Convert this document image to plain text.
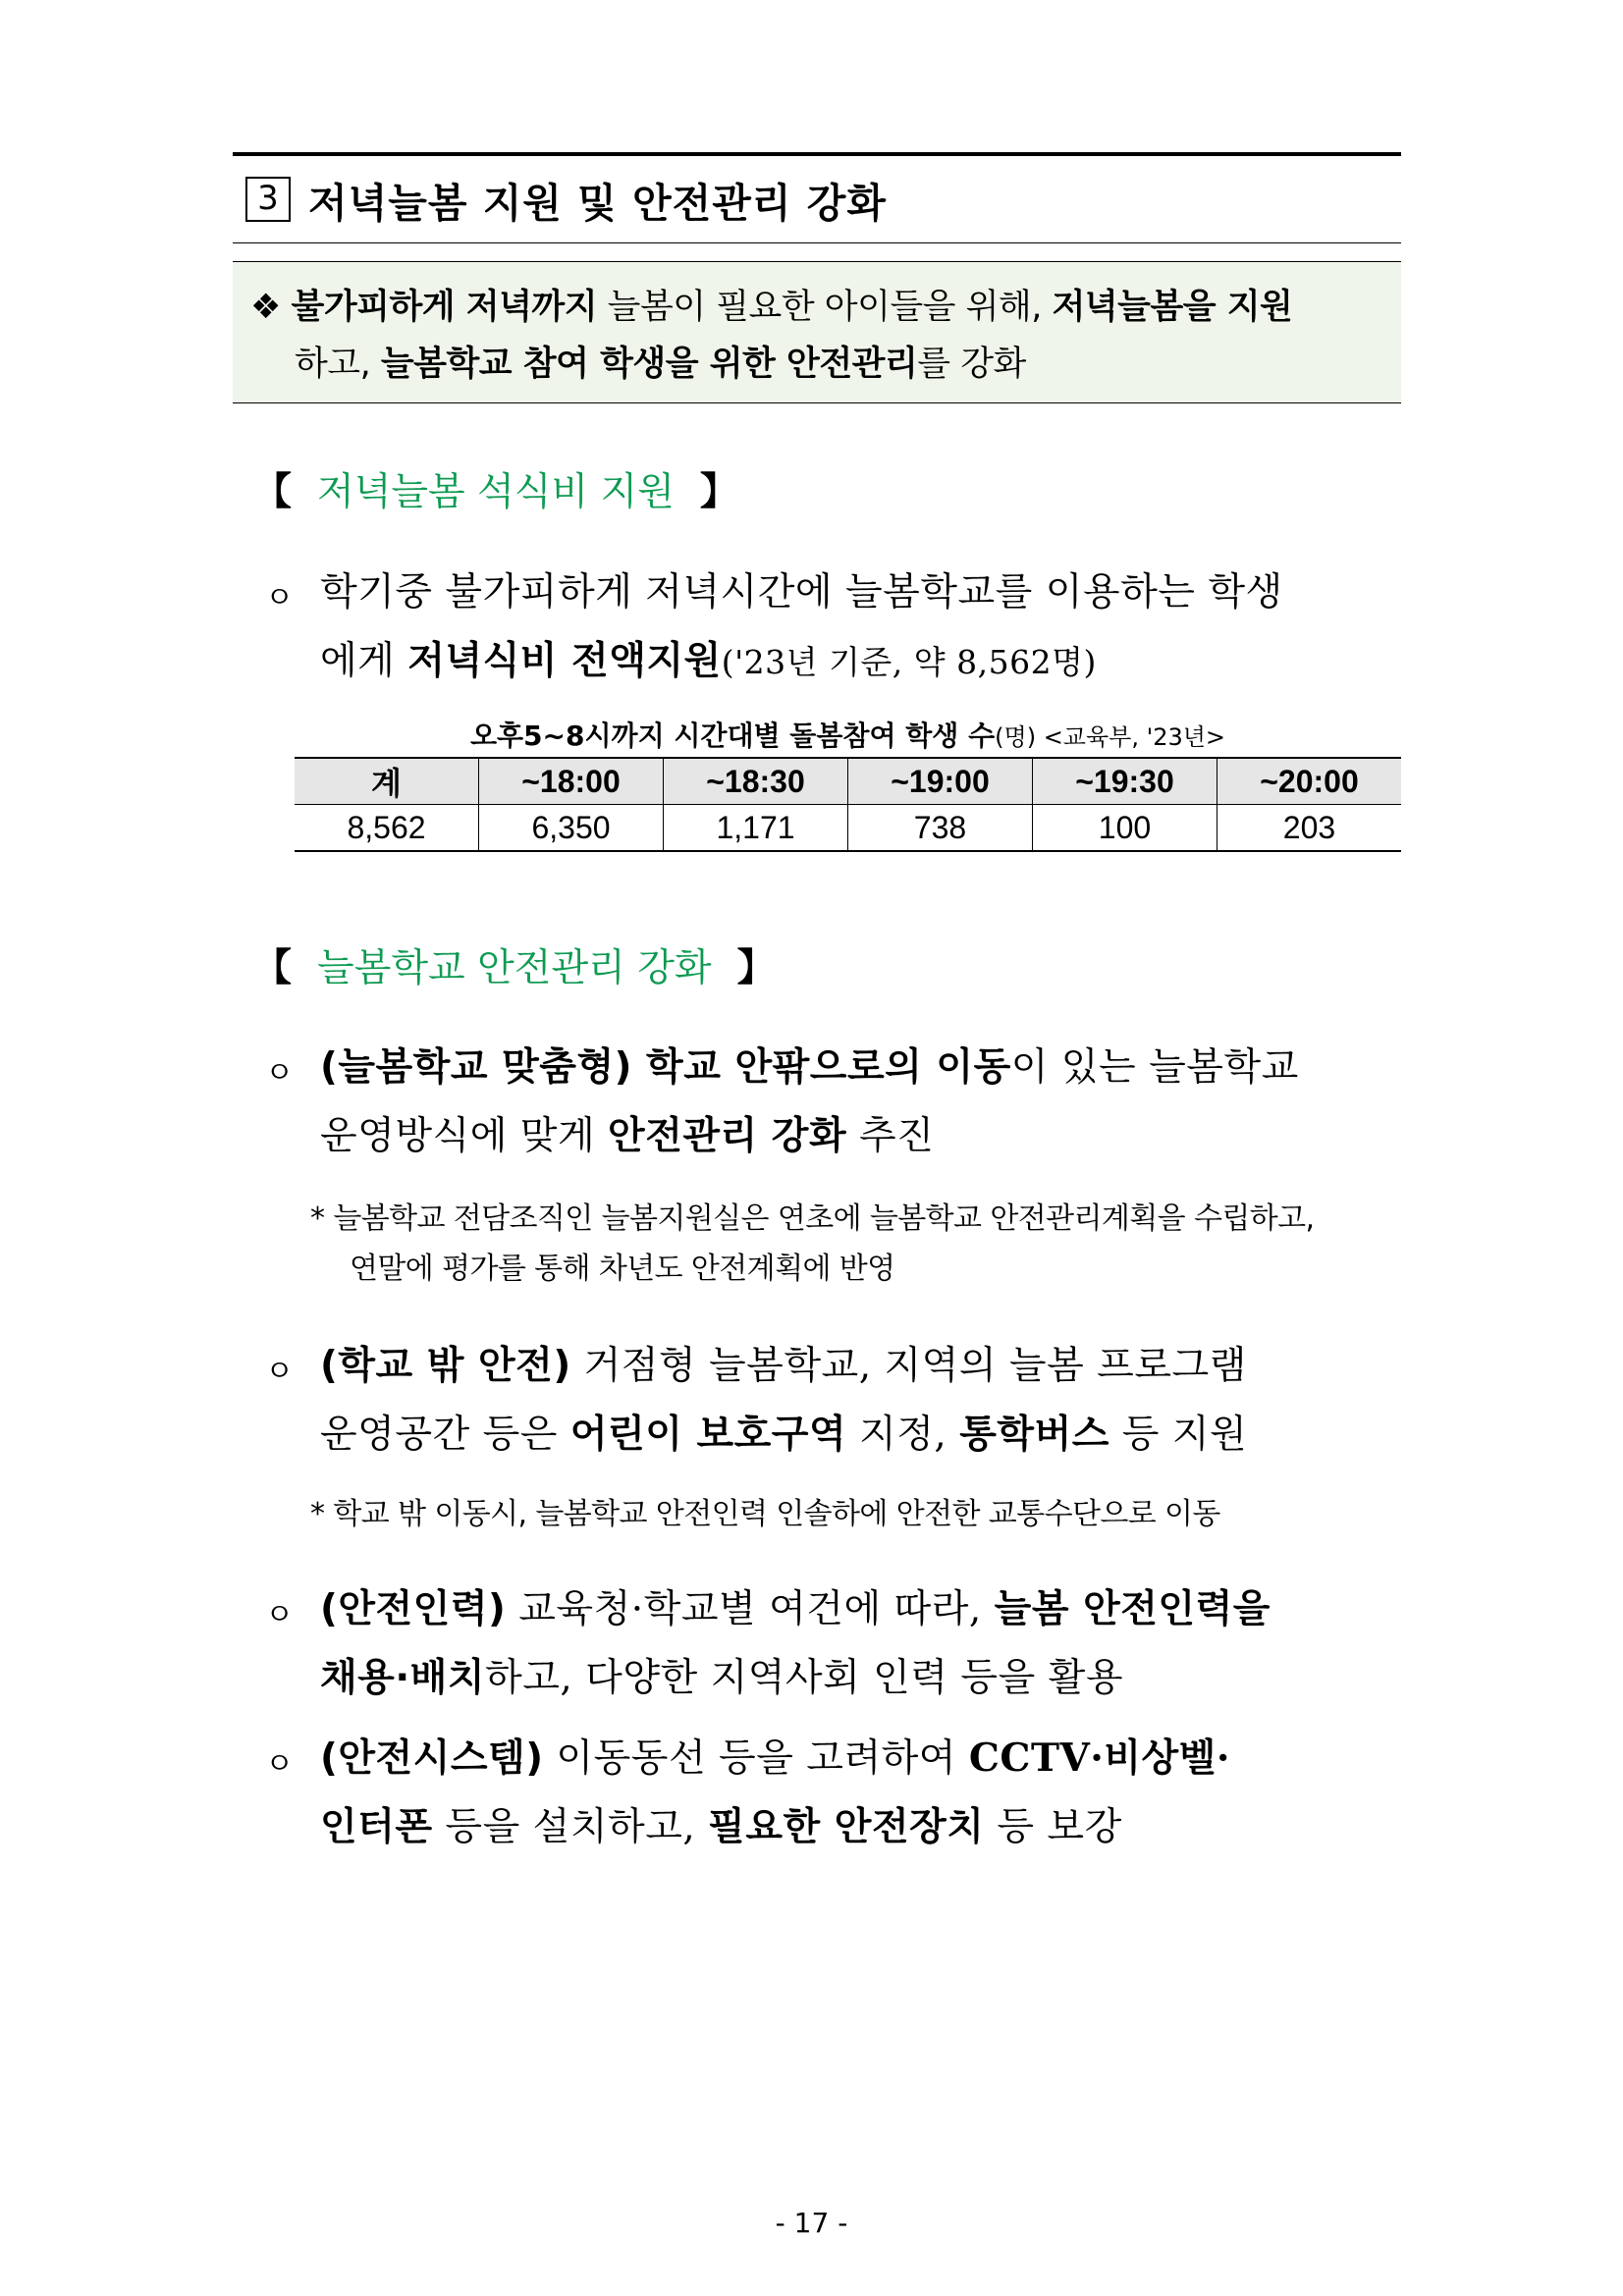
3 저녁늘봄 지원 및 안전관리 강화
❖ 불가피하게 저녁까지 늘봄이 필요한 아이들을 위해, 저녁늘봄을 지원
하고, 늘봄학교 참여 학생을 위한 안전관리를 강화
【 저녁늘봄 석식비 지원 】
ㅇ 학기중 불가피하게 저녁시간에 늘봄학교를 이용하는 학생
에게 저녁식비 전액지원('23년 기준, 약 8,562명)
오후5~8시까지 시간대별 돌봄참여 학생 수(명) <교육부, '23년>
계	~18:00	~18:30	~19:00	~19:30	~20:00
8,562	6,350	1,171	738	100	203
【 늘봄학교 안전관리 강화 】
ㅇ (늘봄학교 맞춤형) 학교 안팎으로의 이동이 있는 늘봄학교
운영방식에 맞게 안전관리 강화 추진
* 늘봄학교 전담조직인 늘봄지원실은 연초에 늘봄학교 안전관리계획을 수립하고,
연말에 평가를 통해 차년도 안전계획에 반영
ㅇ (학교 밖 안전) 거점형 늘봄학교, 지역의 늘봄 프로그램
운영공간 등은 어린이 보호구역 지정, 통학버스 등 지원
* 학교 밖 이동시, 늘봄학교 안전인력 인솔하에 안전한 교통수단으로 이동
ㅇ (안전인력) 교육청·학교별 여건에 따라, 늘봄 안전인력을
채용·배치하고, 다양한 지역사회 인력 등을 활용
ㅇ (안전시스템) 이동동선 등을 고려하여 CCTV·비상벨·
인터폰 등을 설치하고, 필요한 안전장치 등 보강
- 17 -
